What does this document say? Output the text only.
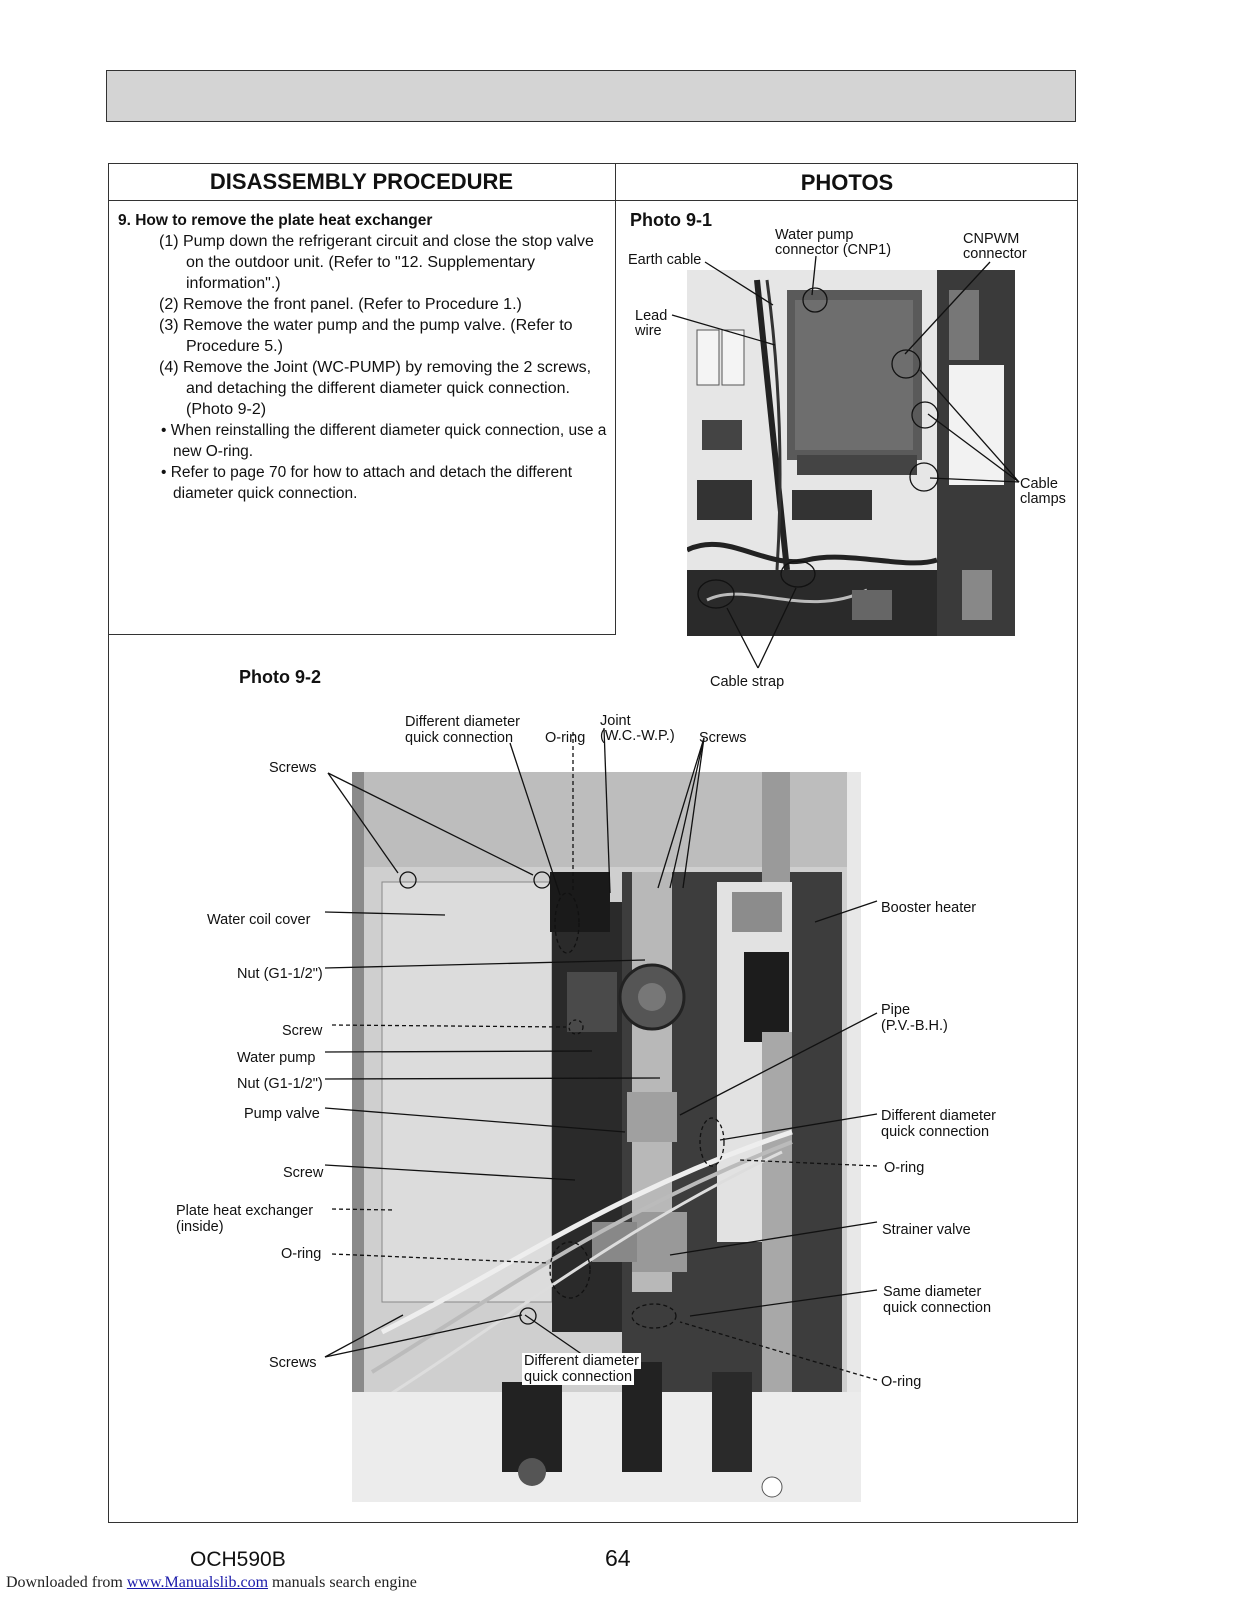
DISASSEMBLY PROCEDURE	PHOTOS
9. How to remove the plate heat exchanger
(1) Pump down the refrigerant circuit and close the stop valve on the outdoor unit. (Refer to "12. Supplementary information".)
(2) Remove the front panel. (Refer to Procedure 1.)
(3) Remove the water pump and the pump valve. (Refer to Procedure 5.)
(4) Remove the Joint (WC-PUMP) by removing the 2 screws, and detaching the different diameter quick connection. (Photo 9-2)
• When reinstalling the different diameter quick connection, use a new O-ring.
• Refer to page 70 for how to attach and detach the different diameter quick connection.
Photo 9-1
Earth cable
Water pump
connector (CNP1)
CNPWM
connector
Lead
wire
Cable
clamps
Cable strap
Photo 9-2
Different diameter
quick connection O-ring
Joint
(W.C.-W.P.) Screws
Screws
Water coil cover
Nut (G1-1/2")
Screw
Water pump
Nut (G1-1/2")
Pump valve
Screw
Plate heat exchanger
(inside)
O-ring
Screws	Different diameter
quick connection
Booster heater
Pipe
(P.V.-B.H.)
Different diameter
quick connection
O-ring
Strainer valve
Same diameter
quick connection
O-ring
OCH590B	64
Downloaded from www.Manualslib.com manuals search engine
